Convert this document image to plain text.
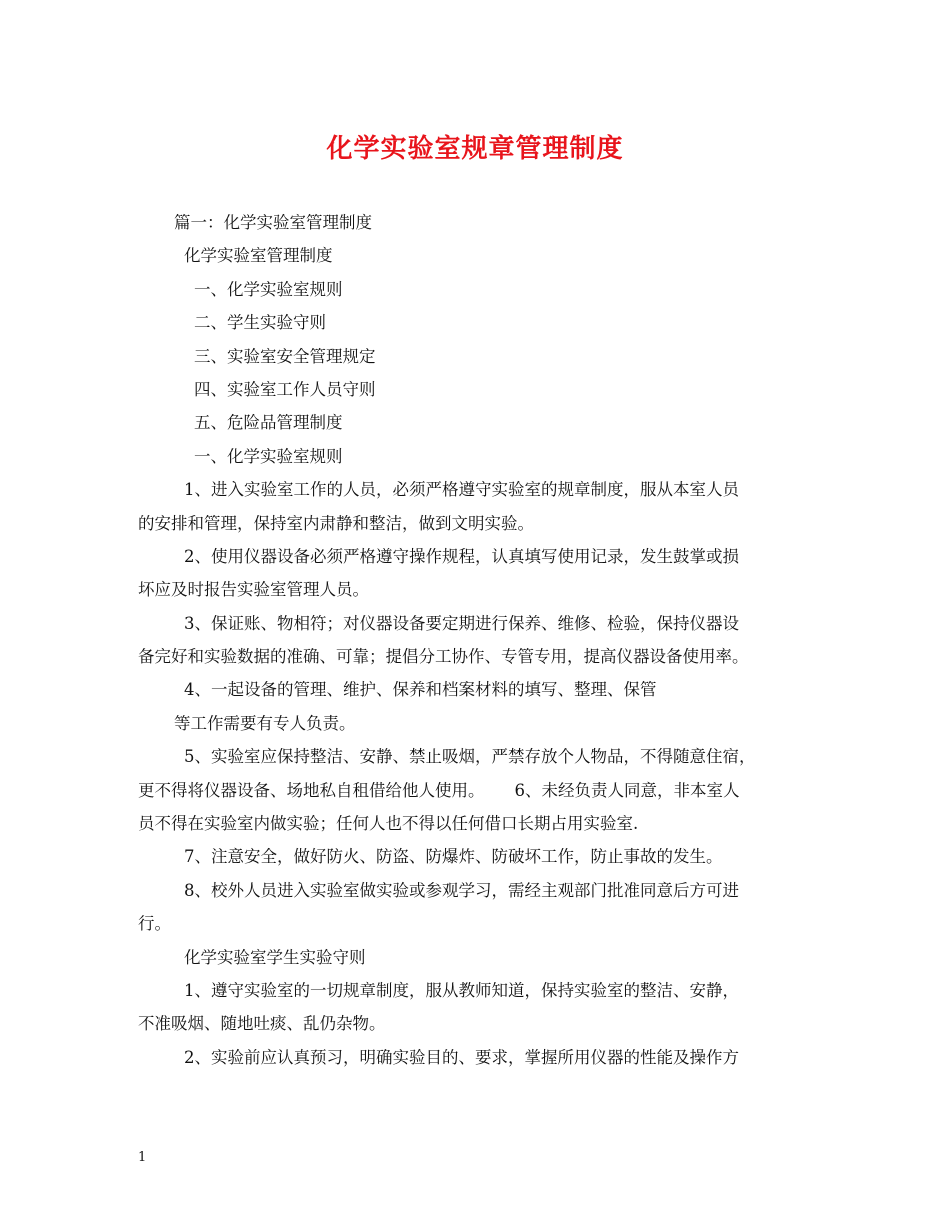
化学实验室规章管理制度
篇一：化学实验室管理制度
化学实验室管理制度
一、化学实验室规则
二、学生实验守则
三、实验室安全管理规定
四、实验室工作人员守则
五、危险品管理制度
一、化学实验室规则
1、进入实验室工作的人员，必须严格遵守实验室的规章制度，服从本室人员
的安排和管理，保持室内肃静和整洁，做到文明实验。
2、使用仪器设备必须严格遵守操作规程，认真填写使用记录，发生鼓掌或损
坏应及时报告实验室管理人员。
3、保证账、物相符；对仪器设备要定期进行保养、维修、检验，保持仪器设
备完好和实验数据的准确、可靠；提倡分工协作、专管专用，提高仪器设备使用率。
4、一起设备的管理、维护、保养和档案材料的填写、整理、保管
等工作需要有专人负责。
5、实验室应保持整洁、安静、禁止吸烟，严禁存放个人物品，不得随意住宿，
更不得将仪器设备、场地私自租借给他人使用。 6、未经负责人同意，非本室人
员不得在实验室内做实验；任何人也不得以任何借口长期占用实验室.
7、注意安全，做好防火、防盗、防爆炸、防破坏工作，防止事故的发生。
8、校外人员进入实验室做实验或参观学习，需经主观部门批准同意后方可进
行。
化学实验室学生实验守则
1、遵守实验室的一切规章制度，服从教师知道，保持实验室的整洁、安静，
不准吸烟、随地吐痰、乱仍杂物。
2、实验前应认真预习，明确实验目的、要求，掌握所用仪器的性能及操作方
1
